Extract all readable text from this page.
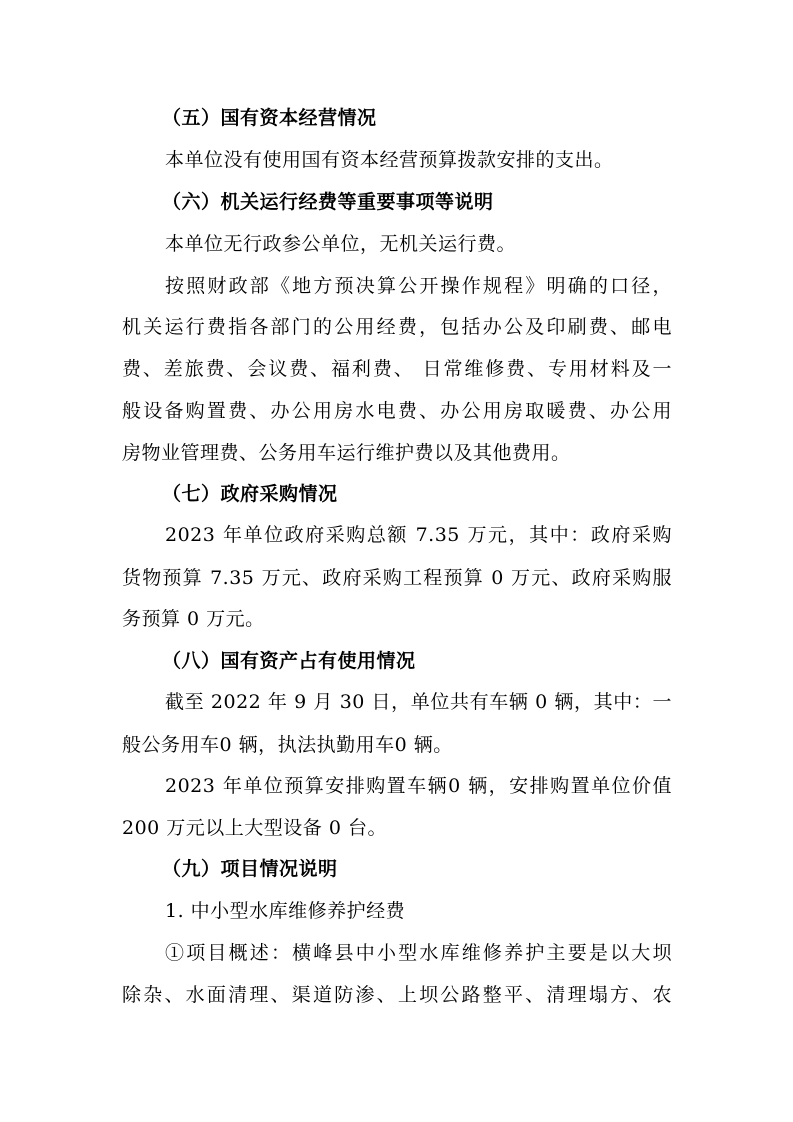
（五）国有资本经营情况
本单位没有使用国有资本经营预算拨款安排的支出。
（六）机关运行经费等重要事项等说明
本单位无行政参公单位，无机关运行费。
按照财政部《地方预决算公开操作规程》明确的口径，
机关运行费指各部门的公用经费，包括办公及印刷费、邮电
费、差旅费、会议费、福利费、 日常维修费、专用材料及一
般设备购置费、办公用房水电费、办公用房取暖费、办公用
房物业管理费、公务用车运行维护费以及其他费用。
（七）政府采购情况
2023 年单位政府采购总额 7.35 万元，其中：政府采购
货物预算 7.35 万元、政府采购工程预算 0 万元、政府采购服
务预算 0 万元。
（八）国有资产占有使用情况
截至 2022 年 9 月 30 日，单位共有车辆 0 辆，其中：一
般公务用车0 辆，执法执勤用车0 辆。
2023 年单位预算安排购置车辆0 辆，安排购置单位价值
200 万元以上大型设备 0 台。
（九）项目情况说明
1. 中小型水库维修养护经费
①项目概述：横峰县中小型水库维修养护主要是以大坝
除杂、水面清理、渠道防渗、上坝公路整平、清理塌方、农
